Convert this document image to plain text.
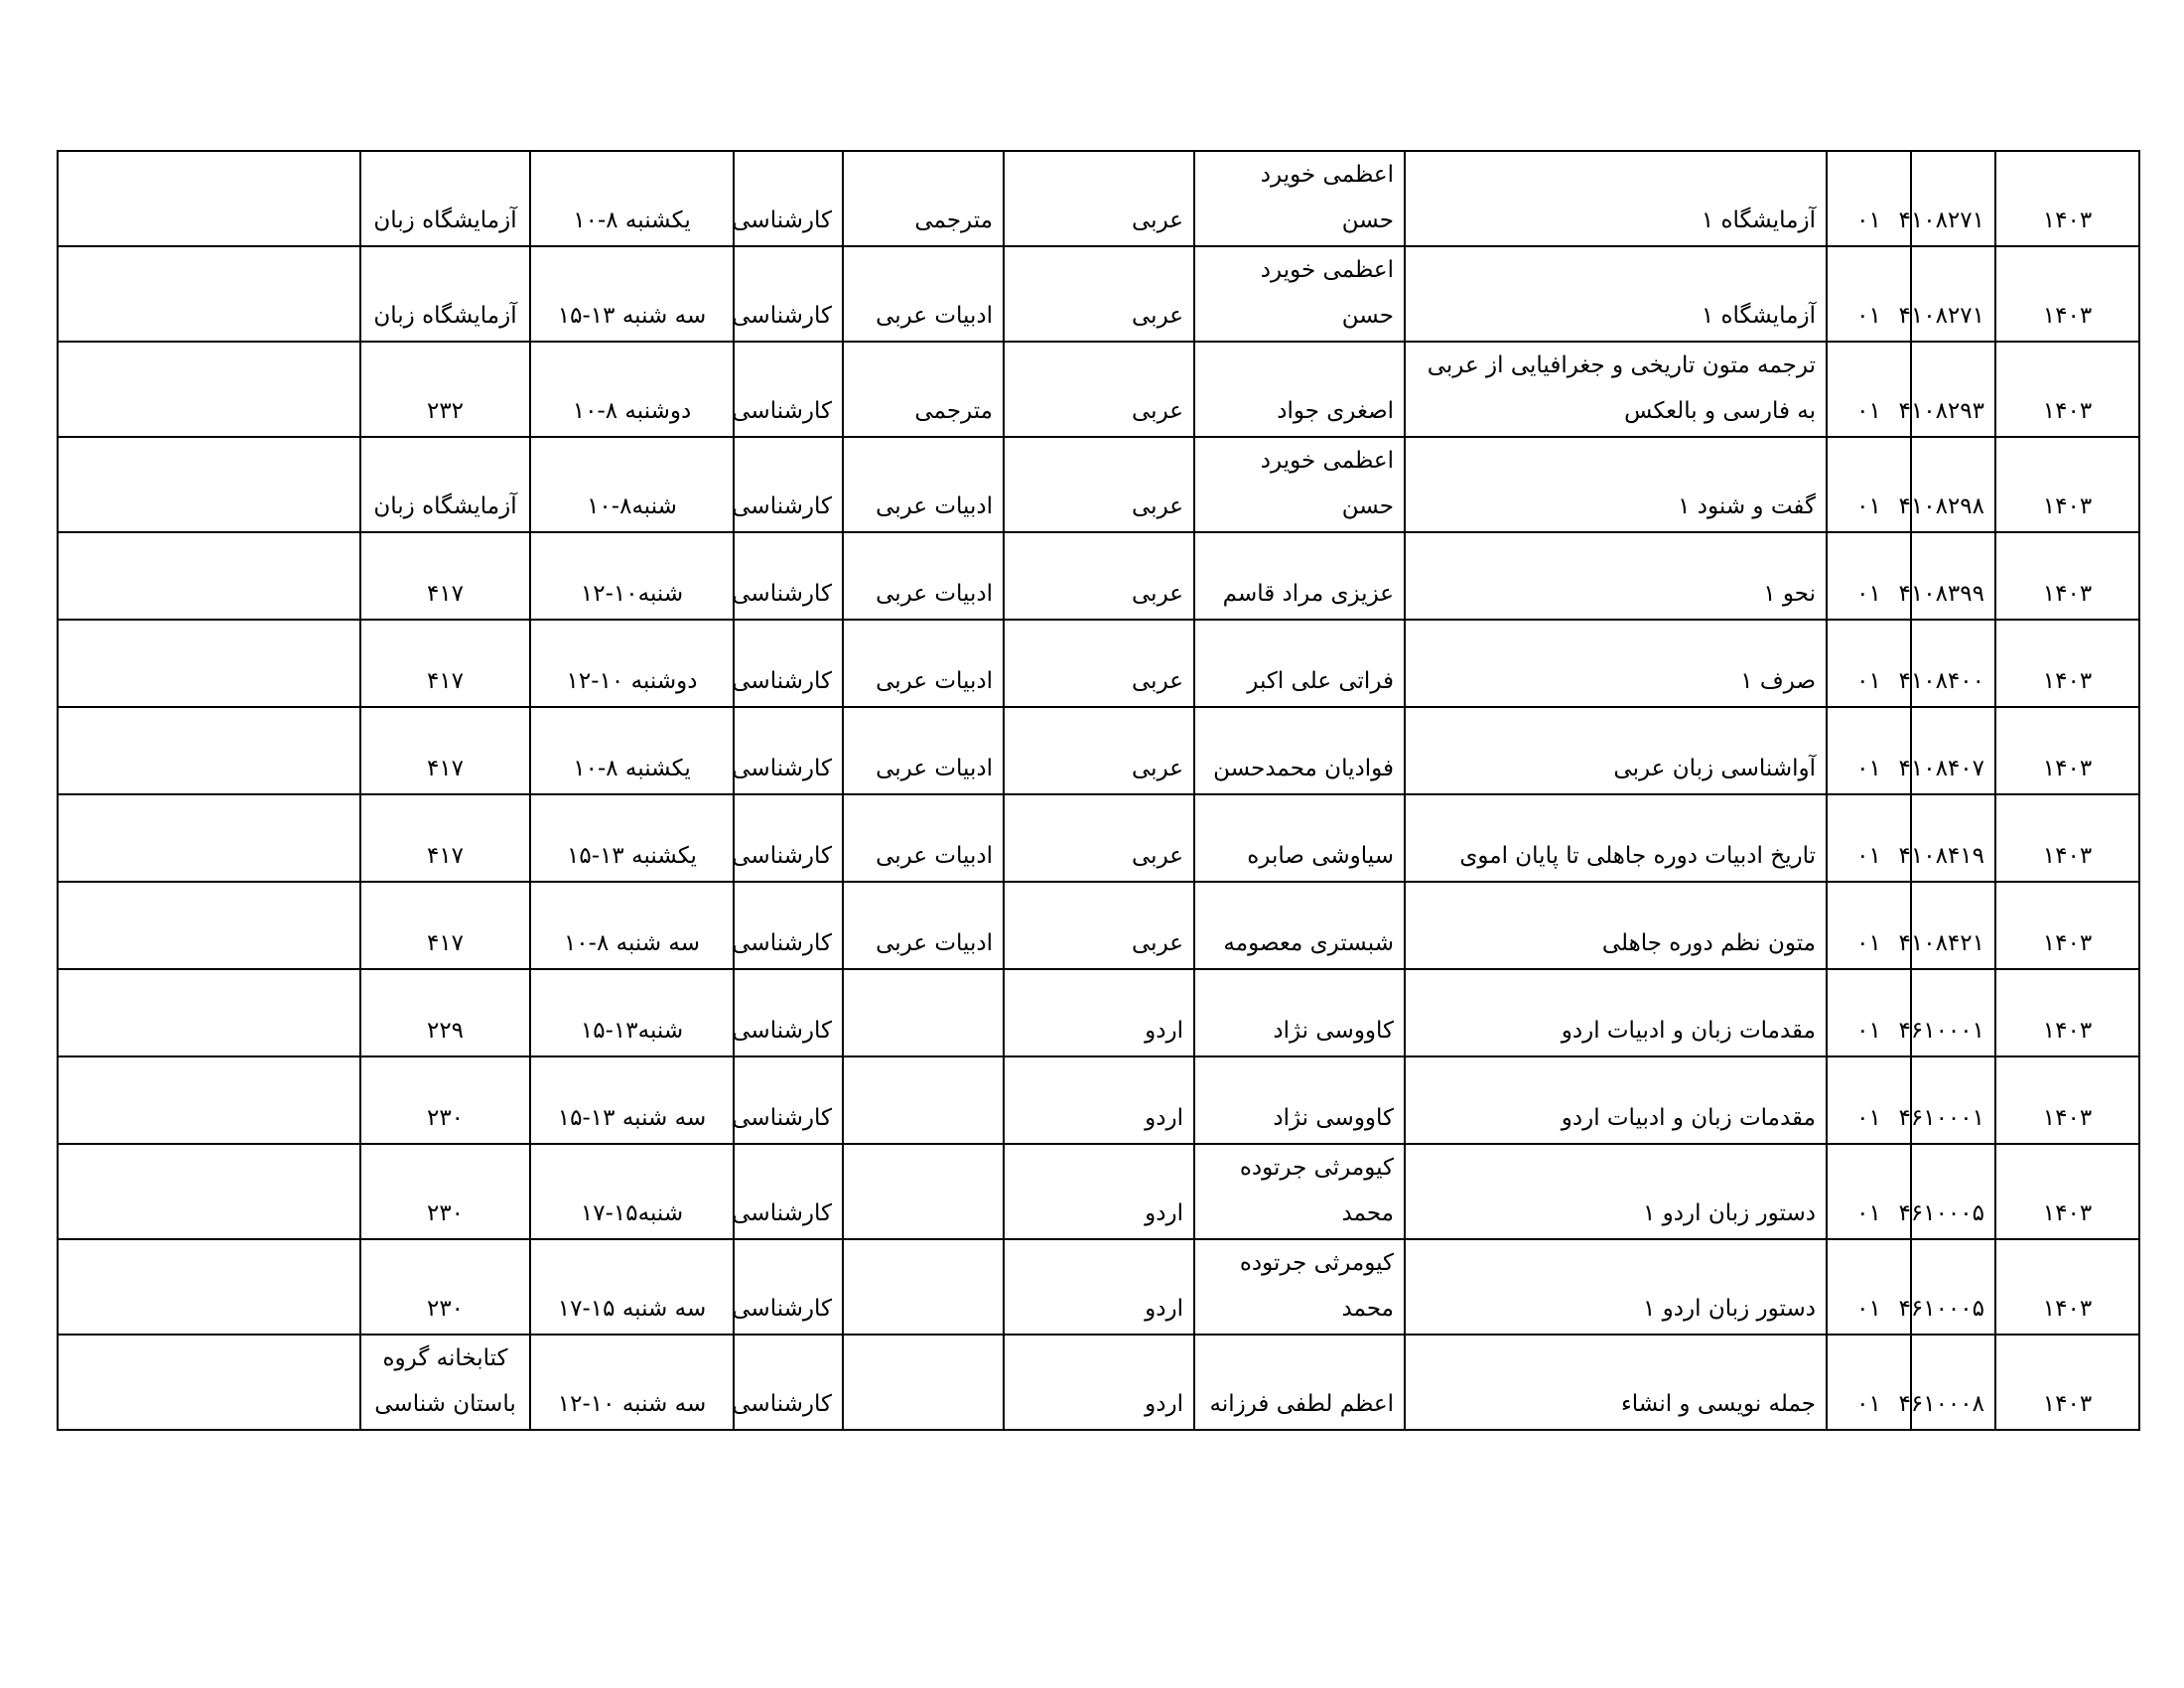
۱۴۰۳	۴۱۰۸۲۷۱	۰۱	آزمایشگاه ۱	اعظمی خویرد حسن	عربی	مترجمی	کارشناسی	یکشنبه ۸-۱۰	آزمایشگاه زبان	
۱۴۰۳	۴۱۰۸۲۷۱	۰۱	آزمایشگاه ۱	اعظمی خویرد حسن	عربی	ادبیات عربی	کارشناسی	سه شنبه ۱۳-۱۵	آزمایشگاه زبان	
۱۴۰۳	۴۱۰۸۲۹۳	۰۱	ترجمه متون تاریخی و جغرافیایی از عربی به فارسی و بالعکس	اصغری جواد	عربی	مترجمی	کارشناسی	دوشنبه ۸-۱۰	۲۳۲	
۱۴۰۳	۴۱۰۸۲۹۸	۰۱	گفت و شنود ۱	اعظمی خویرد حسن	عربی	ادبیات عربی	کارشناسی	شنبه۸-۱۰	آزمایشگاه زبان	
۱۴۰۳	۴۱۰۸۳۹۹	۰۱	نحو ۱	عزیزی مراد قاسم	عربی	ادبیات عربی	کارشناسی	شنبه۱۰-۱۲	۴۱۷	
۱۴۰۳	۴۱۰۸۴۰۰	۰۱	صرف ۱	فراتی علی اکبر	عربی	ادبیات عربی	کارشناسی	دوشنبه ۱۰-۱۲	۴۱۷	
۱۴۰۳	۴۱۰۸۴۰۷	۰۱	آواشناسی زبان عربی	فوادیان محمدحسن	عربی	ادبیات عربی	کارشناسی	یکشنبه ۸-۱۰	۴۱۷	
۱۴۰۳	۴۱۰۸۴۱۹	۰۱	تاریخ ادبیات دوره جاهلی تا پایان اموی	سیاوشی صابره	عربی	ادبیات عربی	کارشناسی	یکشنبه ۱۳-۱۵	۴۱۷	
۱۴۰۳	۴۱۰۸۴۲۱	۰۱	متون نظم دوره جاهلی	شبستری معصومه	عربی	ادبیات عربی	کارشناسی	سه شنبه ۸-۱۰	۴۱۷	
۱۴۰۳	۴۶۱۰۰۰۱	۰۱	مقدمات زبان و ادبیات اردو	کاووسی نژاد	اردو		کارشناسی	شنبه۱۳-۱۵	۲۲۹	
۱۴۰۳	۴۶۱۰۰۰۱	۰۱	مقدمات زبان و ادبیات اردو	کاووسی نژاد	اردو		کارشناسی	سه شنبه ۱۳-۱۵	۲۳۰	
۱۴۰۳	۴۶۱۰۰۰۵	۰۱	دستور زبان اردو ۱	کیومرثی جرتوده محمد	اردو		کارشناسی	شنبه۱۵-۱۷	۲۳۰	
۱۴۰۳	۴۶۱۰۰۰۵	۰۱	دستور زبان اردو ۱	کیومرثی جرتوده محمد	اردو		کارشناسی	سه شنبه ۱۵-۱۷	۲۳۰	
۱۴۰۳	۴۶۱۰۰۰۸	۰۱	جمله نویسی و انشاء	اعظم لطفی فرزانه	اردو		کارشناسی	سه شنبه ۱۰-۱۲	کتابخانه گروه باستان شناسی	
